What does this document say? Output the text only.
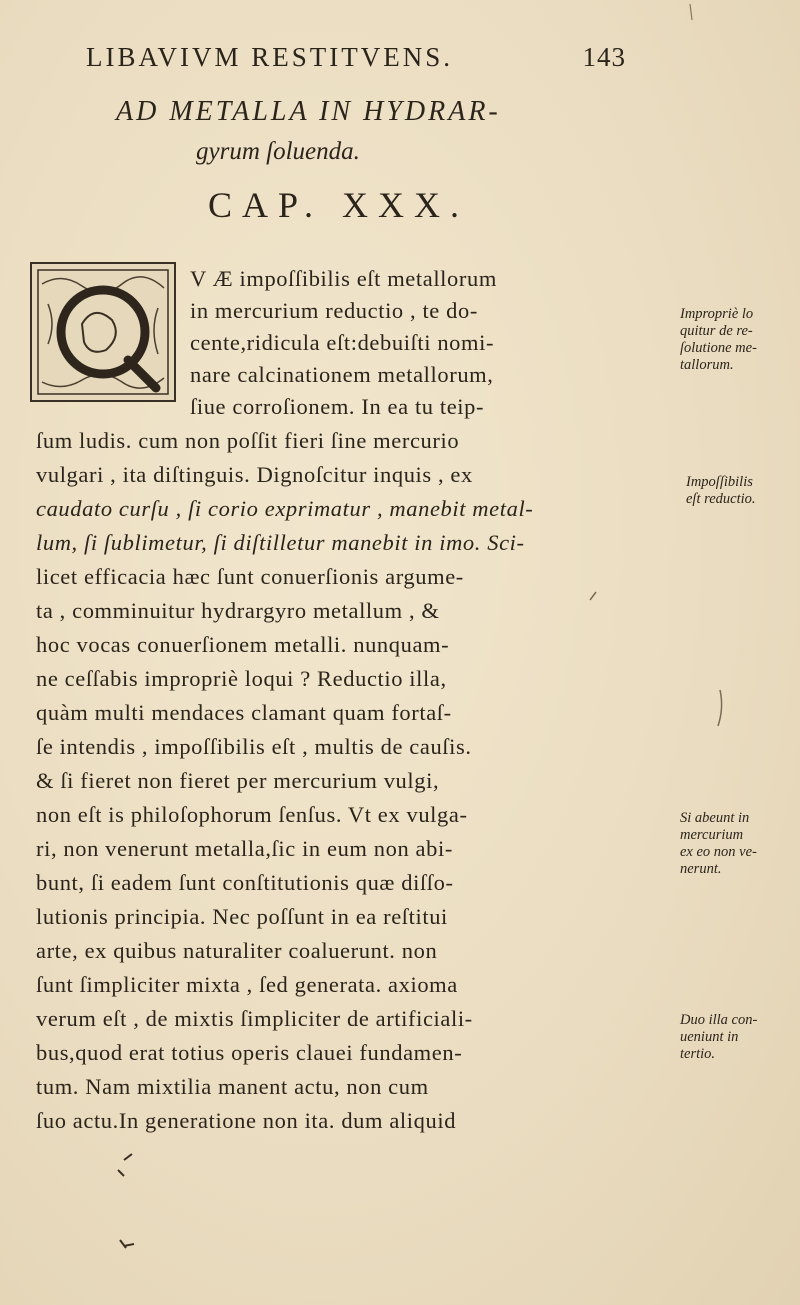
LIBAVIVM RESTITVENS.	143
AD METALLA IN HYDRAR-
gyrum ſoluenda.
CAP. XXX.
V Æ impoſſibilis eſt metallorum
in mercurium reductio , te do-
cente,ridicula eſt:debuiſti nomi-
nare calcinationem metallorum,
ſiue corroſionem. In ea tu teip-
ſum ludis. cum non poſſit fieri ſine mercurio
vulgari , ita diſtinguis. Dignoſcitur inquis , ex
caudato curſu , ſi corio exprimatur , manebit metal-
lum, ſi ſublimetur, ſi diſtilletur manebit in imo. Sci-
licet efficacia hæc ſunt conuerſionis argume-
ta , comminuitur hydrargyro metallum , &
hoc vocas conuerſionem metalli. nunquam-
ne ceſſabis impropriè loqui ? Reductio illa,
quàm multi mendaces clamant quam fortaſ-
ſe intendis , impoſſibilis eſt , multis de cauſis.
& ſi fieret non fieret per mercurium vulgi,
non eſt is philoſophorum ſenſus. Vt ex vulga-
ri, non venerunt metalla,ſic in eum non abi-
bunt, ſi eadem ſunt conſtitutionis quæ diſſo-
lutionis principia. Nec poſſunt in ea reſtitui
arte, ex quibus naturaliter coaluerunt. non
ſunt ſimpliciter mixta , ſed generata. axioma
verum eſt , de mixtis ſimpliciter de artificiali-
bus,quod erat totius operis clauei fundamen-
tum. Nam mixtilia manent actu, non cum
ſuo actu.In generatione non ita. dum aliquid
Impropriè lo
quitur de re-
ſolutione me-
tallorum.
Impoſſibilis
eſt reductio.
Si abeunt in
mercurium
ex eo non ve-
nerunt.
Duo illa con-
ueniunt in
tertio.
